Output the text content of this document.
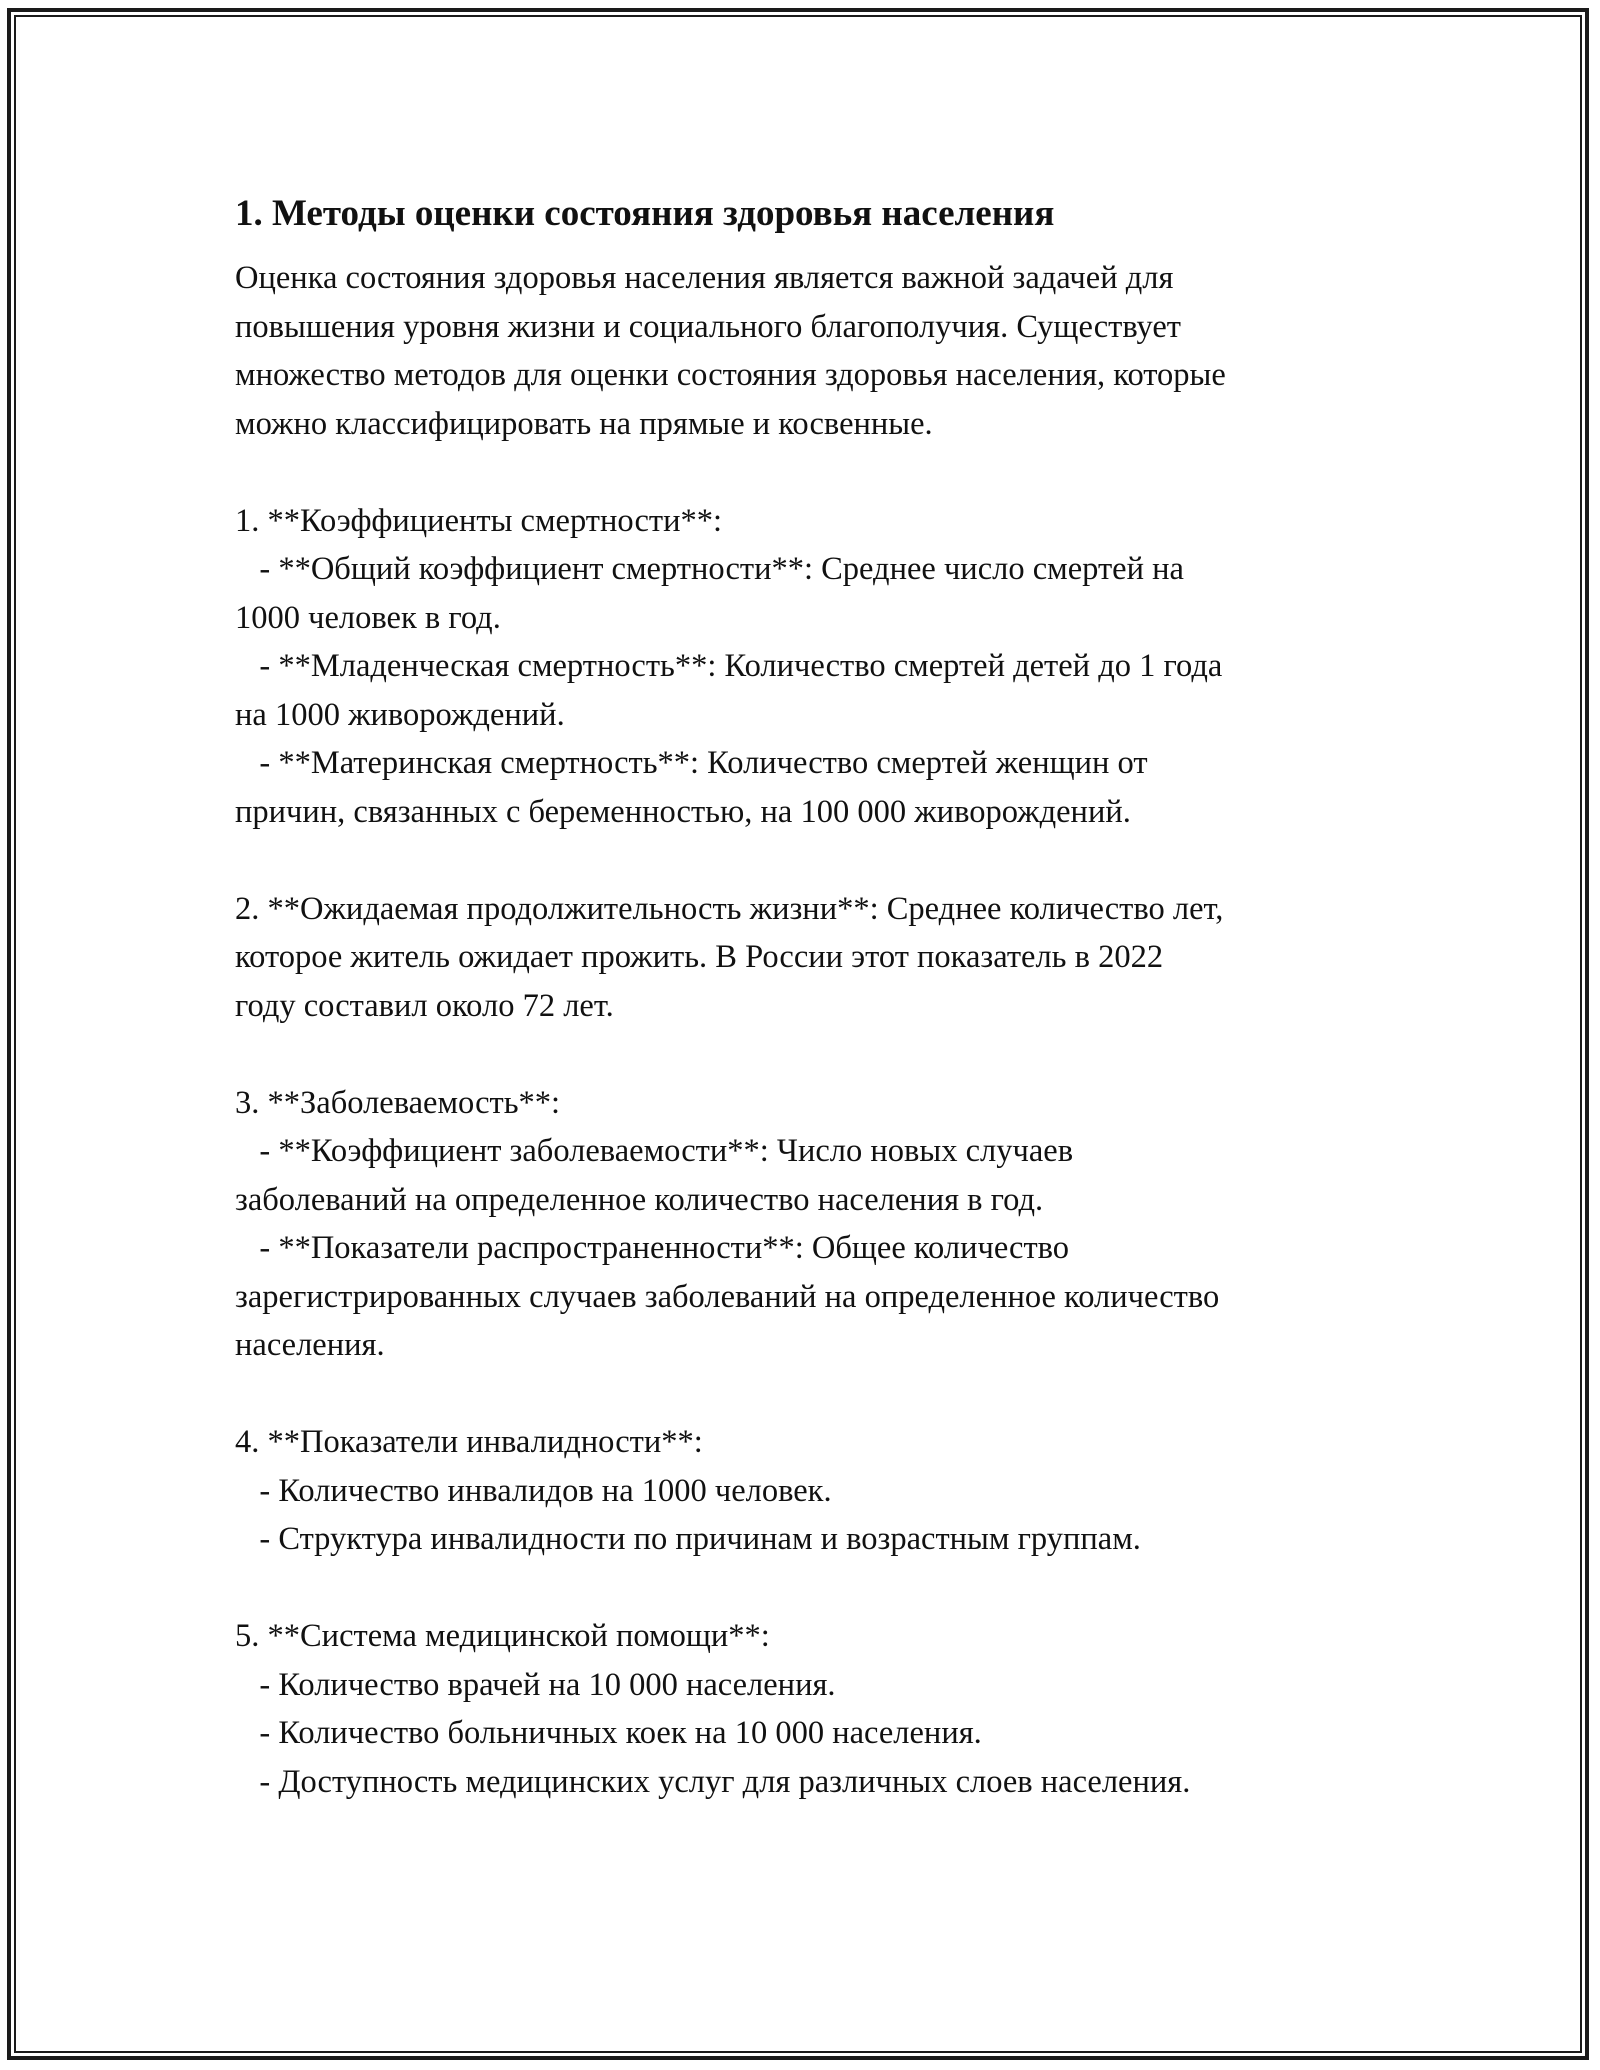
1. Методы оценки состояния здоровья населения
Оценка состояния здоровья населения является важной задачей для
повышения уровня жизни и социального благополучия. Существует
множество методов для оценки состояния здоровья населения, которые
можно классифицировать на прямые и косвенные.
1. **Коэффициенты смертности**:
- **Общий коэффициент смертности**: Среднее число смертей на
1000 человек в год.
- **Младенческая смертность**: Количество смертей детей до 1 года
на 1000 живорождений.
- **Материнская смертность**: Количество смертей женщин от
причин, связанных с беременностью, на 100 000 живорождений.
2. **Ожидаемая продолжительность жизни**: Среднее количество лет,
которое житель ожидает прожить. В России этот показатель в 2022
году составил около 72 лет.
3. **Заболеваемость**:
- **Коэффициент заболеваемости**: Число новых случаев
заболеваний на определенное количество населения в год.
- **Показатели распространенности**: Общее количество
зарегистрированных случаев заболеваний на определенное количество
населения.
4. **Показатели инвалидности**:
- Количество инвалидов на 1000 человек.
- Структура инвалидности по причинам и возрастным группам.
5. **Система медицинской помощи**:
- Количество врачей на 10 000 населения.
- Количество больничных коек на 10 000 населения.
- Доступность медицинских услуг для различных слоев населения.
